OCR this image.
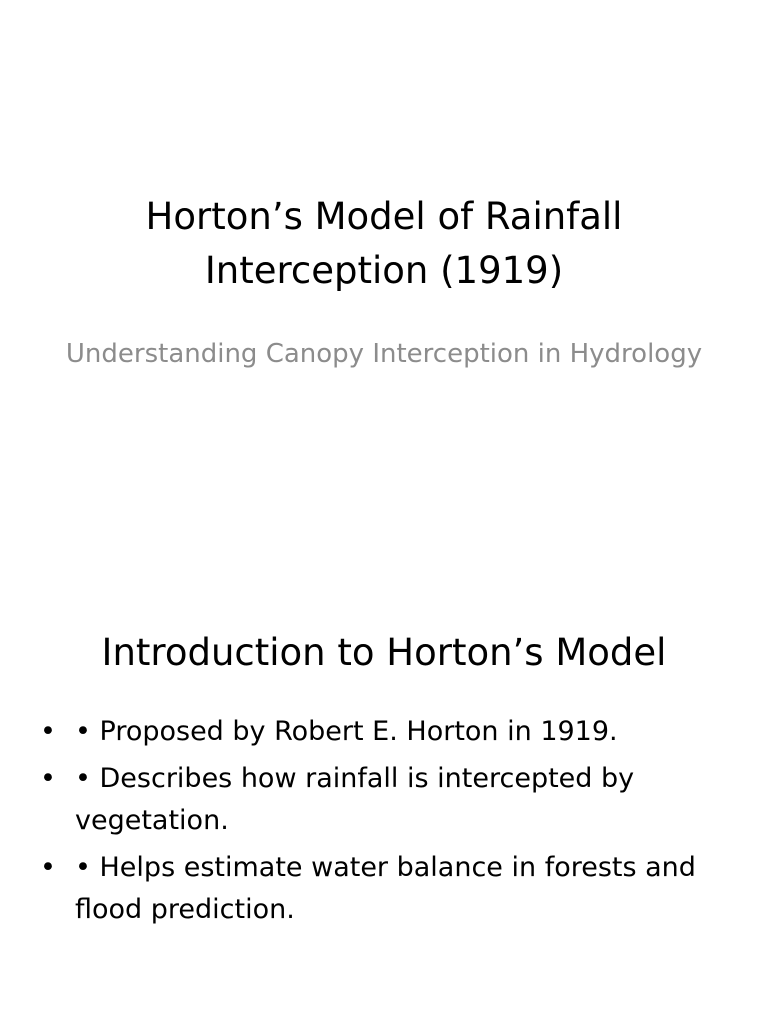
Horton’s Model of Rainfall Interception (1919)

Understanding Canopy Interception in Hydrology

Introduction to Horton’s Model
• • Proposed by Robert E. Horton in 1919.
• • Describes how rainfall is intercepted by vegetation.
• • Helps estimate water balance in forests and flood prediction.
